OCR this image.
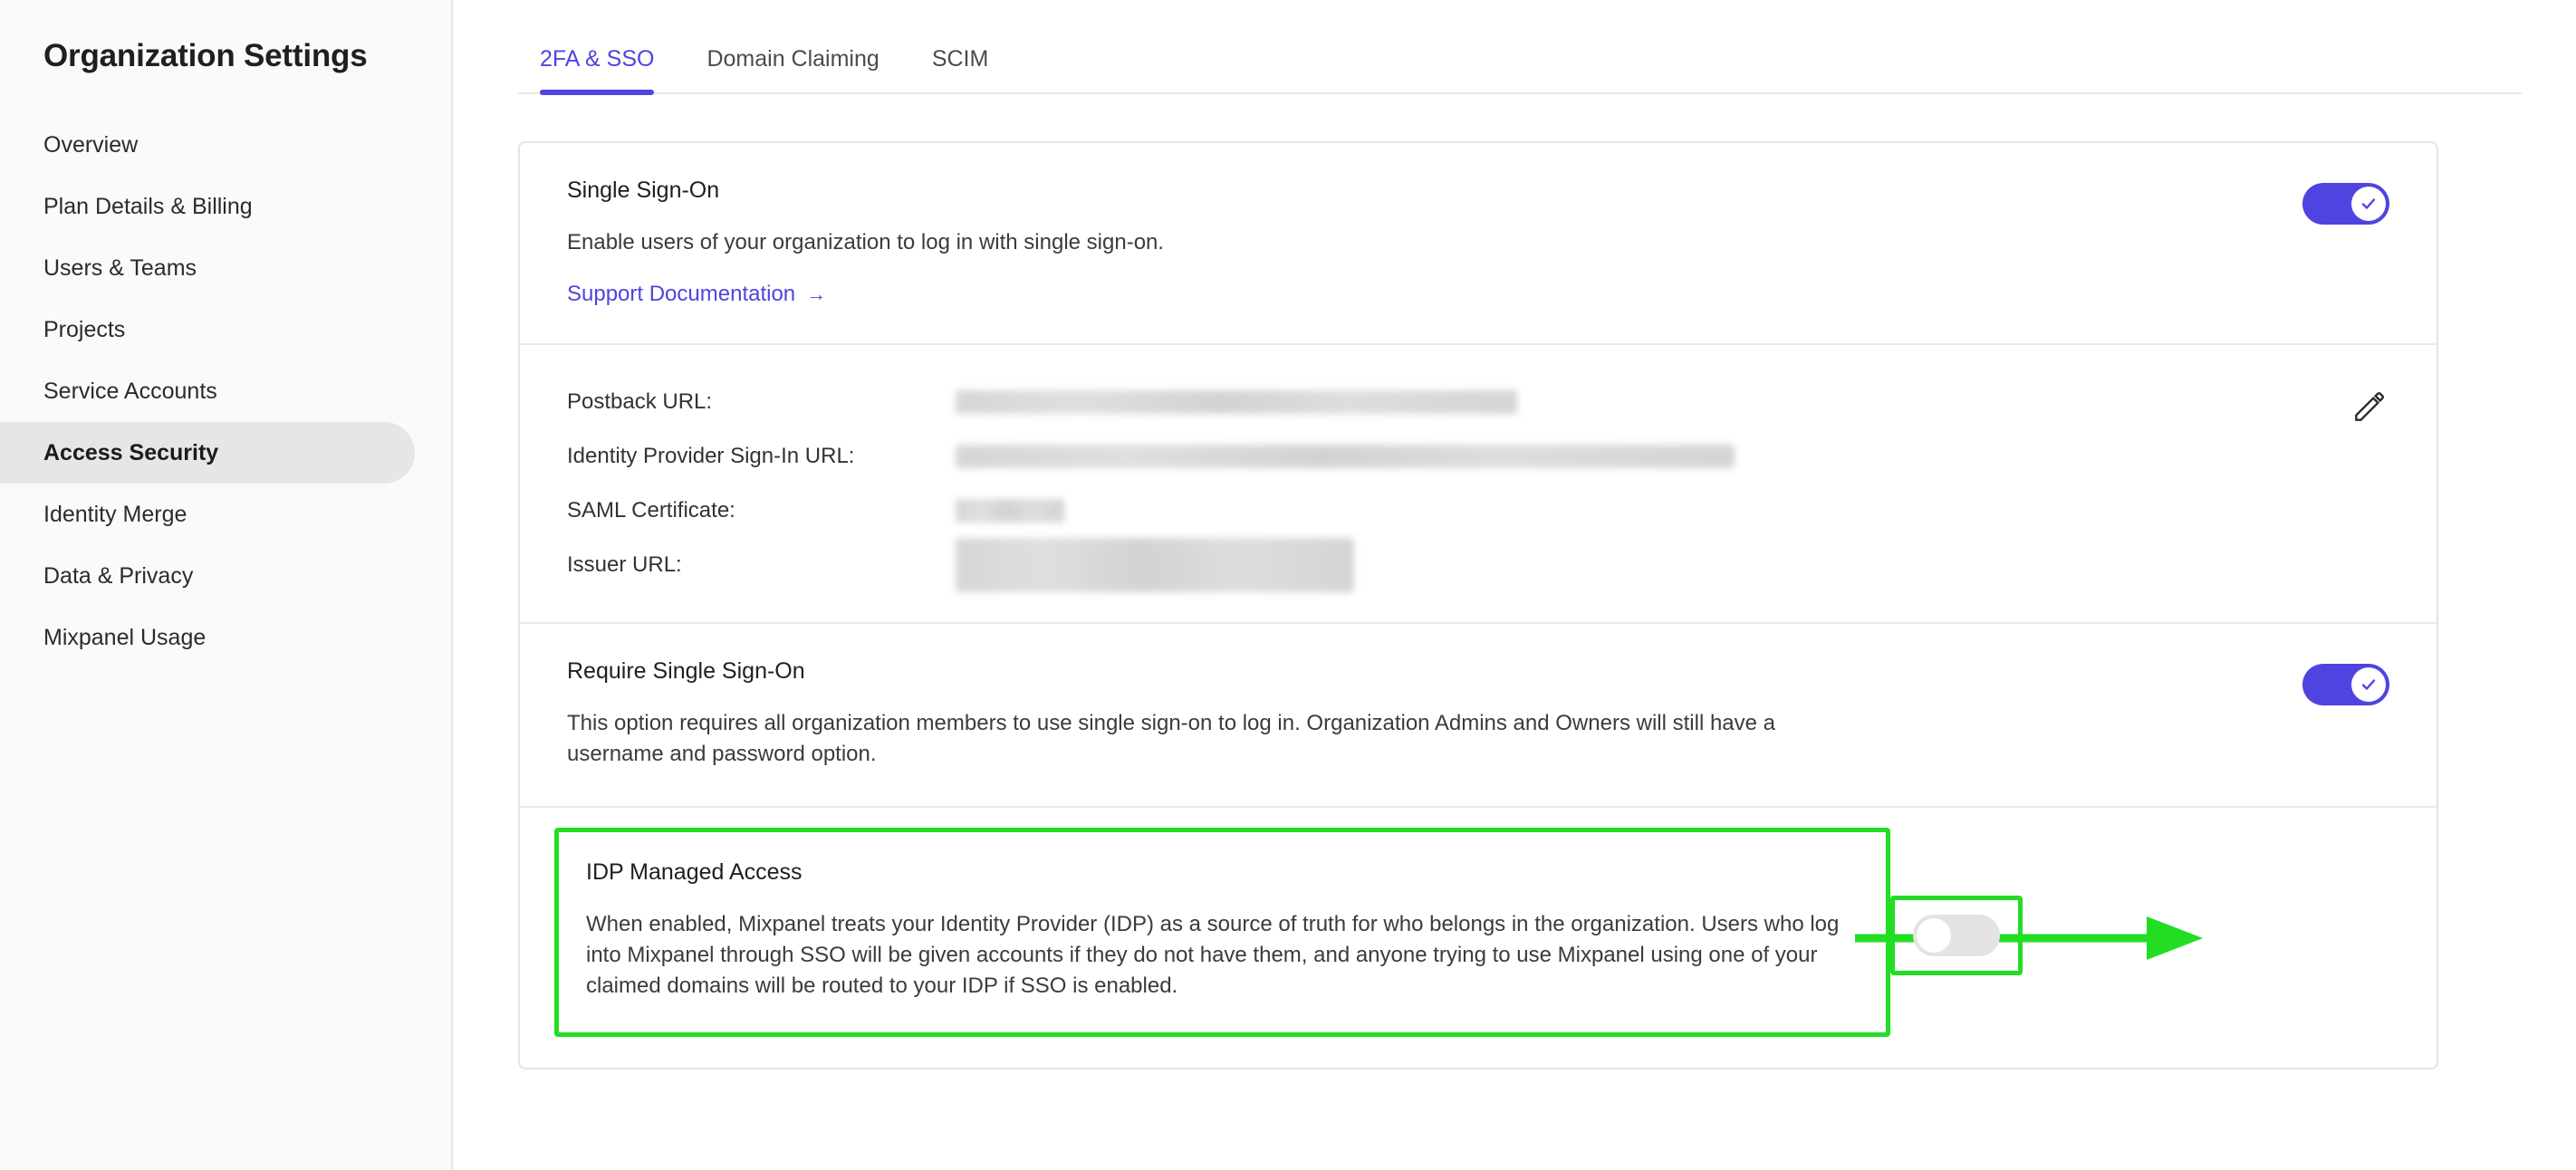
Organization Settings
Overview
Plan Details & Billing
Users & Teams
Projects
Service Accounts
Access Security
Identity Merge
Data & Privacy
Mixpanel Usage
2FA & SSO Domain Claiming SCIM
Single Sign-On
Enable users of your organization to log in with single sign-on.
Support Documentation →
Postback URL:
Identity Provider Sign-In URL:
SAML Certificate:
Issuer URL:
Require Single Sign-On
This option requires all organization members to use single sign-on to log in. Organization Admins and Owners will still have a username and password option.
IDP Managed Access
When enabled, Mixpanel treats your Identity Provider (IDP) as a source of truth for who belongs in the organization. Users who log into Mixpanel through SSO will be given accounts if they do not have them, and anyone trying to use Mixpanel using one of your claimed domains will be routed to your IDP if SSO is enabled.
